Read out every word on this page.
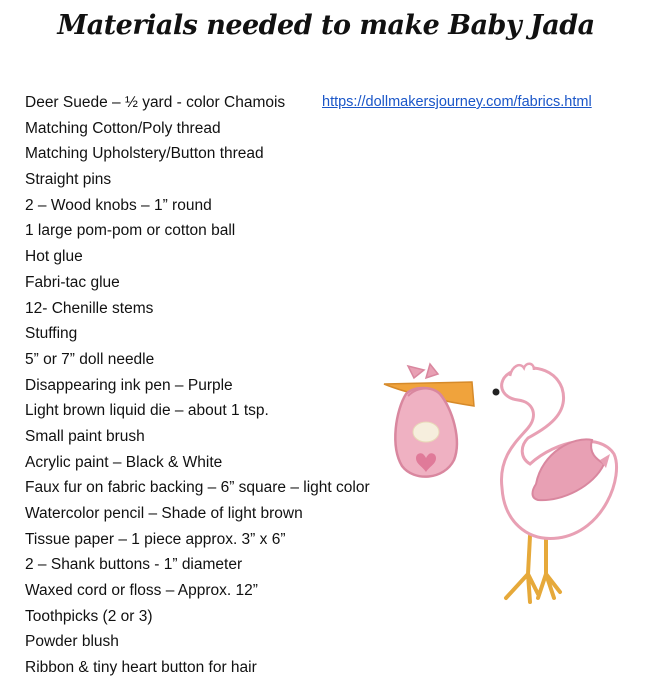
Materials needed to make Baby Jada
https://dollmakersjourney.com/fabrics.html
Deer Suede – ½ yard - color Chamois
Matching Cotton/Poly thread
Matching Upholstery/Button thread
Straight pins
2 – Wood knobs – 1” round
1 large pom-pom or cotton ball
Hot glue
Fabri-tac glue
12- Chenille stems
Stuffing
5” or 7” doll needle
Disappearing ink pen – Purple
Light brown liquid die – about 1 tsp.
Small paint brush
Acrylic paint – Black & White
Faux fur on fabric backing – 6” square – light color
Watercolor pencil – Shade of light brown
Tissue paper – 1 piece approx. 3” x 6”
2 – Shank buttons - 1” diameter
Waxed cord or floss – Approx. 12”
Toothpicks (2 or 3)
Powder blush
Ribbon & tiny heart button for hair
